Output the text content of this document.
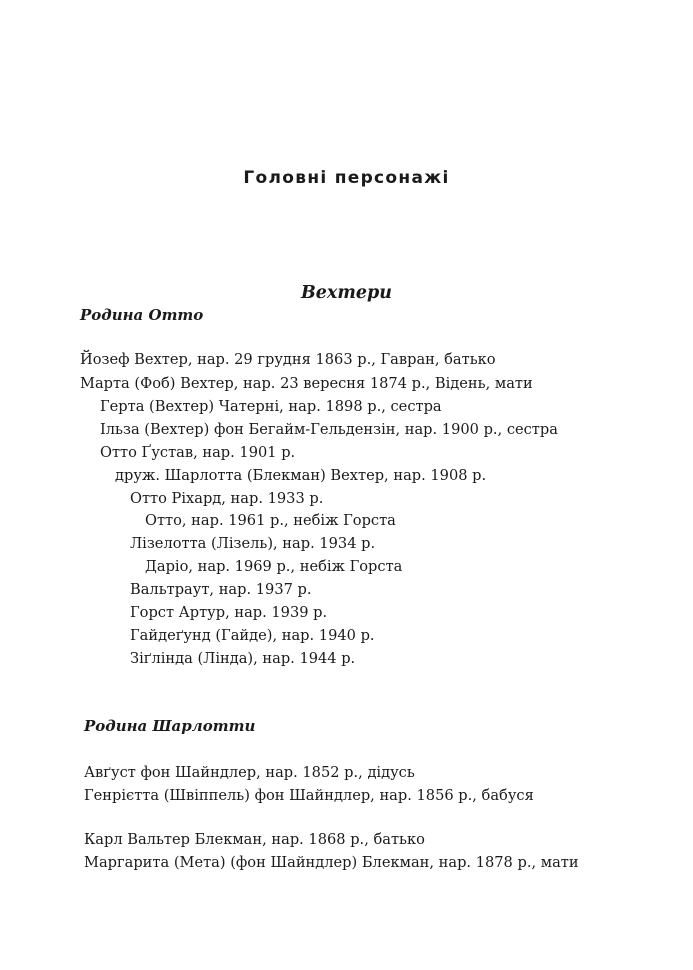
Головні персонажі
Вехтери
Родина Отто
Йозеф Вехтер, нар. 29 грудня 1863 р., Гавран, батько
Марта (Фоб) Вехтер, нар. 23 вересня 1874 р., Відень, мати
Герта (Вехтер) Чатерні, нар. 1898 р., сестра
Ільза (Вехтер) фон Бегайм-Гельдензін, нар. 1900 р., сестра
Отто Ґустав, нар. 1901 р.
друж. Шарлотта (Блекман) Вехтер, нар. 1908 р.
Отто Ріхард, нар. 1933 р.
Отто, нар. 1961 р., небіж Горста
Лізелотта (Лізель), нар. 1934 р.
Даріо, нар. 1969 р., небіж Горста
Вальтраут, нар. 1937 р.
Горст Артур, нар. 1939 р.
Гайдеґунд (Гайде), нар. 1940 р.
Зіґлінда (Лінда), нар. 1944 р.
Родина Шарлотти
Авґуст фон Шайндлер, нар. 1852 р., дідусь
Генрієтта (Швіппель) фон Шайндлер, нар. 1856 р., бабуся
Карл Вальтер Блекман, нар. 1868 р., батько
Маргарита (Мета) (фон Шайндлер) Блекман, нар. 1878 р., мати
